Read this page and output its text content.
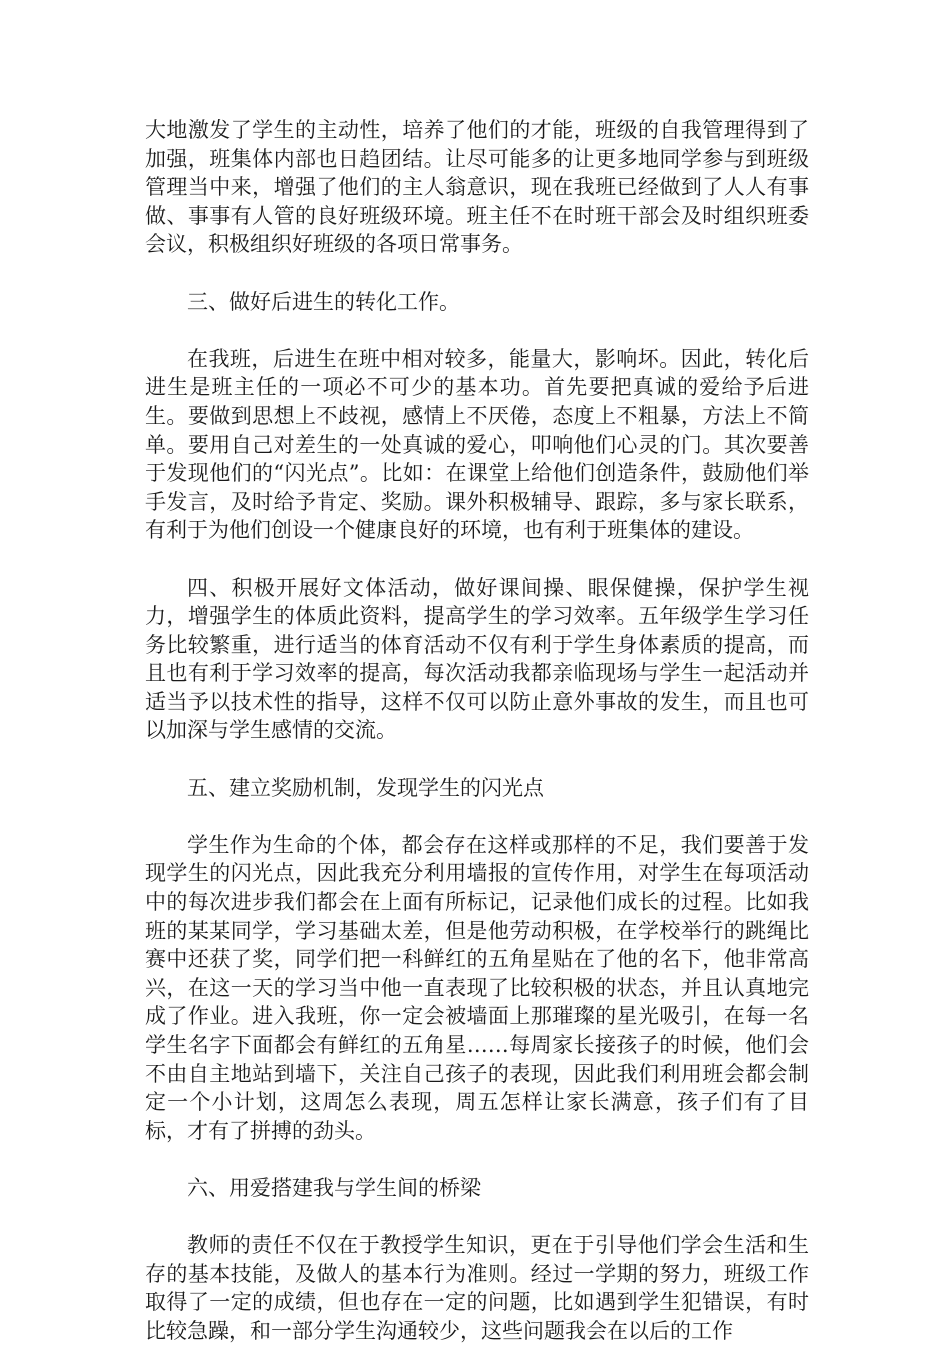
大地激发了学生的主动性，培养了他们的才能，班级的自我管理得到了加强，班集体内部也日趋团结。让尽可能多的让更多地同学参与到班级管理当中来，增强了他们的主人翁意识，现在我班已经做到了人人有事做、事事有人管的良好班级环境。班主任不在时班干部会及时组织班委会议，积极组织好班级的各项日常事务。

三、做好后进生的转化工作。

在我班，后进生在班中相对较多，能量大，影响坏。因此，转化后进生是班主任的一项必不可少的基本功。首先要把真诚的爱给予后进生。要做到思想上不歧视，感情上不厌倦，态度上不粗暴，方法上不简单。要用自己对差生的一处真诚的爱心，叩响他们心灵的门。其次要善于发现他们的“闪光点”。比如：在课堂上给他们创造条件，鼓励他们举手发言，及时给予肯定、奖励。课外积极辅导、跟踪，多与家长联系，有利于为他们创设一个健康良好的环境，也有利于班集体的建设。

四、积极开展好文体活动，做好课间操、眼保健操，保护学生视力，增强学生的体质此资料，提高学生的学习效率。五年级学生学习任务比较繁重，进行适当的体育活动不仅有利于学生身体素质的提高，而且也有利于学习效率的提高，每次活动我都亲临现场与学生一起活动并适当予以技术性的指导，这样不仅可以防止意外事故的发生，而且也可以加深与学生感情的交流。

五、建立奖励机制，发现学生的闪光点

学生作为生命的个体，都会存在这样或那样的不足，我们要善于发现学生的闪光点，因此我充分利用墙报的宣传作用，对学生在每项活动中的每次进步我们都会在上面有所标记，记录他们成长的过程。比如我班的某某同学，学习基础太差，但是他劳动积极，在学校举行的跳绳比赛中还获了奖，同学们把一科鲜红的五角星贴在了他的名下，他非常高兴，在这一天的学习当中他一直表现了比较积极的状态，并且认真地完成了作业。进入我班，你一定会被墙面上那璀璨的星光吸引，在每一名学生名字下面都会有鲜红的五角星……每周家长接孩子的时候，他们会不由自主地站到墙下，关注自己孩子的表现，因此我们利用班会都会制定一个小计划，这周怎么表现，周五怎样让家长满意，孩子们有了目标，才有了拼搏的劲头。

六、用爱搭建我与学生间的桥梁

教师的责任不仅在于教授学生知识，更在于引导他们学会生活和生存的基本技能，及做人的基本行为准则。经过一学期的努力，班级工作取得了一定的成绩，但也存在一定的问题，比如遇到学生犯错误，有时比较急躁，和一部分学生沟通较少，这些问题我会在以后的工作
